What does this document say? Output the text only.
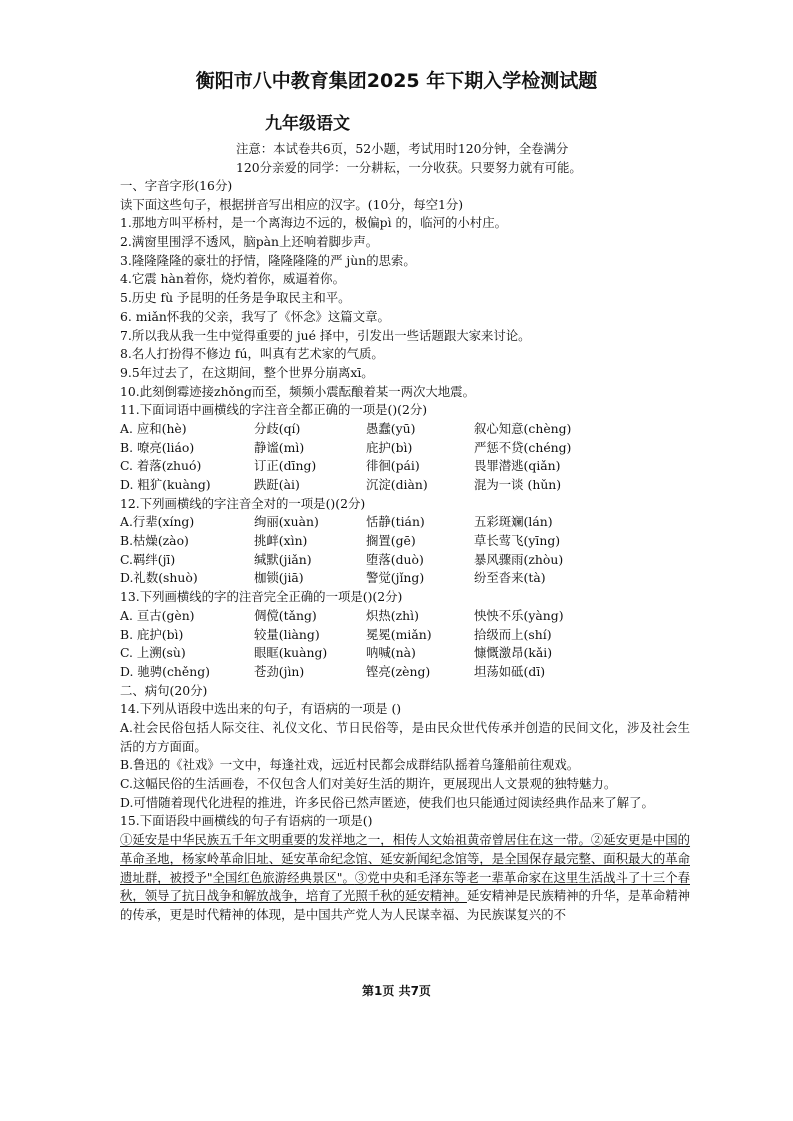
衡阳市八中教育集团2025 年下期入学检测试题
九年级语文
注意：本试卷共6页，52小题，考试用时120分钟，全卷满分
120分亲爱的同学：一分耕耘，一分收获。只要努力就有可能。
一、字音字形(16分)
读下面这些句子，根据拼音写出相应的汉字。(10分，每空1分)
1.那地方叫平桥村，是一个离海边不远的，极偏pì 的，临河的小村庄。
2.满窗里围浮不透风，脑pàn上还响着脚步声。
3.隆隆隆隆的豪壮的抒情，隆隆隆隆的严 jùn的思索。
4.它震 hàn着你，烧灼着你，威逼着你。
5.历史 fù 予昆明的任务是争取民主和平。
6. miǎn怀我的父亲，我写了《怀念》这篇文章。
7.所以我从我一生中觉得重要的 jué 择中，引发出一些话题跟大家来讨论。
8.名人打扮得不修边 fú，叫真有艺术家的气质。
9.5年过去了，在这期间，整个世界分崩离xī。
10.此刻倒霉迹接zhǒng而至，频频小震酝酿着某一两次大地震。
11.下面词语中画横线的字注音全都正确的一项是()(2分)
A. 应和(hè)	分歧(qí)	愚蠢(yū)	叙心知意(chèng)
B. 嘹亮(liáo)	静谧(mì)	庇护(bì)	严惩不贷(chéng)
C. 着落(zhuó)	订正(dīng)	徘徊(pái)	畏罪潜逃(qiǎn)
D. 粗犷(kuàng)	跌跹(ài)	沉淀(diàn)	混为一谈 (hǔn)
12.下列画横线的字注音全对的一项是()(2分)
A.行辈(xíng)	绚丽(xuàn)	恬静(tián)	五彩斑斓(lán)
B.枯燥(zào)	挑衅(xìn)	搁置(gē)	草长莺飞(yīng)
C.羁绊(jī)	缄默(jiǎn)	堕落(duò)	暴风骤雨(zhòu)
D.礼数(shuò)	枷锁(jiā)	警觉(jǐng)	纷至沓来(tà)
13.下列画横线的字的注音完全正确的一项是()(2分)
A. 亘古(gèn)	倜傥(tǎng)	炽热(zhì)	怏怏不乐(yàng)
B. 庇护(bì)	较量(liàng)	冕冕(miǎn)	拾级而上(shí)
C. 上溯(sù)	眼眶(kuàng)	呐喊(nà)	慷慨激昂(kǎi)
D. 驰骋(chěng)	苍劲(jìn)	铿亮(zèng)	坦荡如砥(dī)
二、病句(20分)
14.下列从语段中选出来的句子，有语病的一项是 ()
A.社会民俗包括人际交往、礼仪文化、节日民俗等，是由民众世代传承并创造的民间文化，涉及社会生活的方方面面。
B.鲁迅的《社戏》一文中，每逢社戏，远近村民都会成群结队摇着乌篷船前往观戏。
C.这幅民俗的生活画卷，不仅包含人们对美好生活的期许，更展现出人文景观的独特魅力。
D.可惜随着现代化进程的推进，许多民俗已然声匿迹，使我们也只能通过阅读经典作品来了解了。
15.下面语段中画横线的句子有语病的一项是()
①延安是中华民族五千年文明重要的发祥地之一，相传人文始祖黄帝曾居住在这一带。②延安更是中国的革命圣地，杨家岭革命旧址、延安革命纪念馆、延安新闻纪念馆等，是全国保存最完整、面积最大的革命遗址群，被授予"全国红色旅游经典景区"。③党中央和毛泽东等老一辈革命家在这里生活战斗了十三个春秋，领导了抗日战争和解放战争，培育了光照千秋的延安精神。延安精神是民族精神的升华，是革命精神的传承，更是时代精神的体现，是中国共产党人为人民谋幸福、为民族谋复兴的不
第1页 共7页
